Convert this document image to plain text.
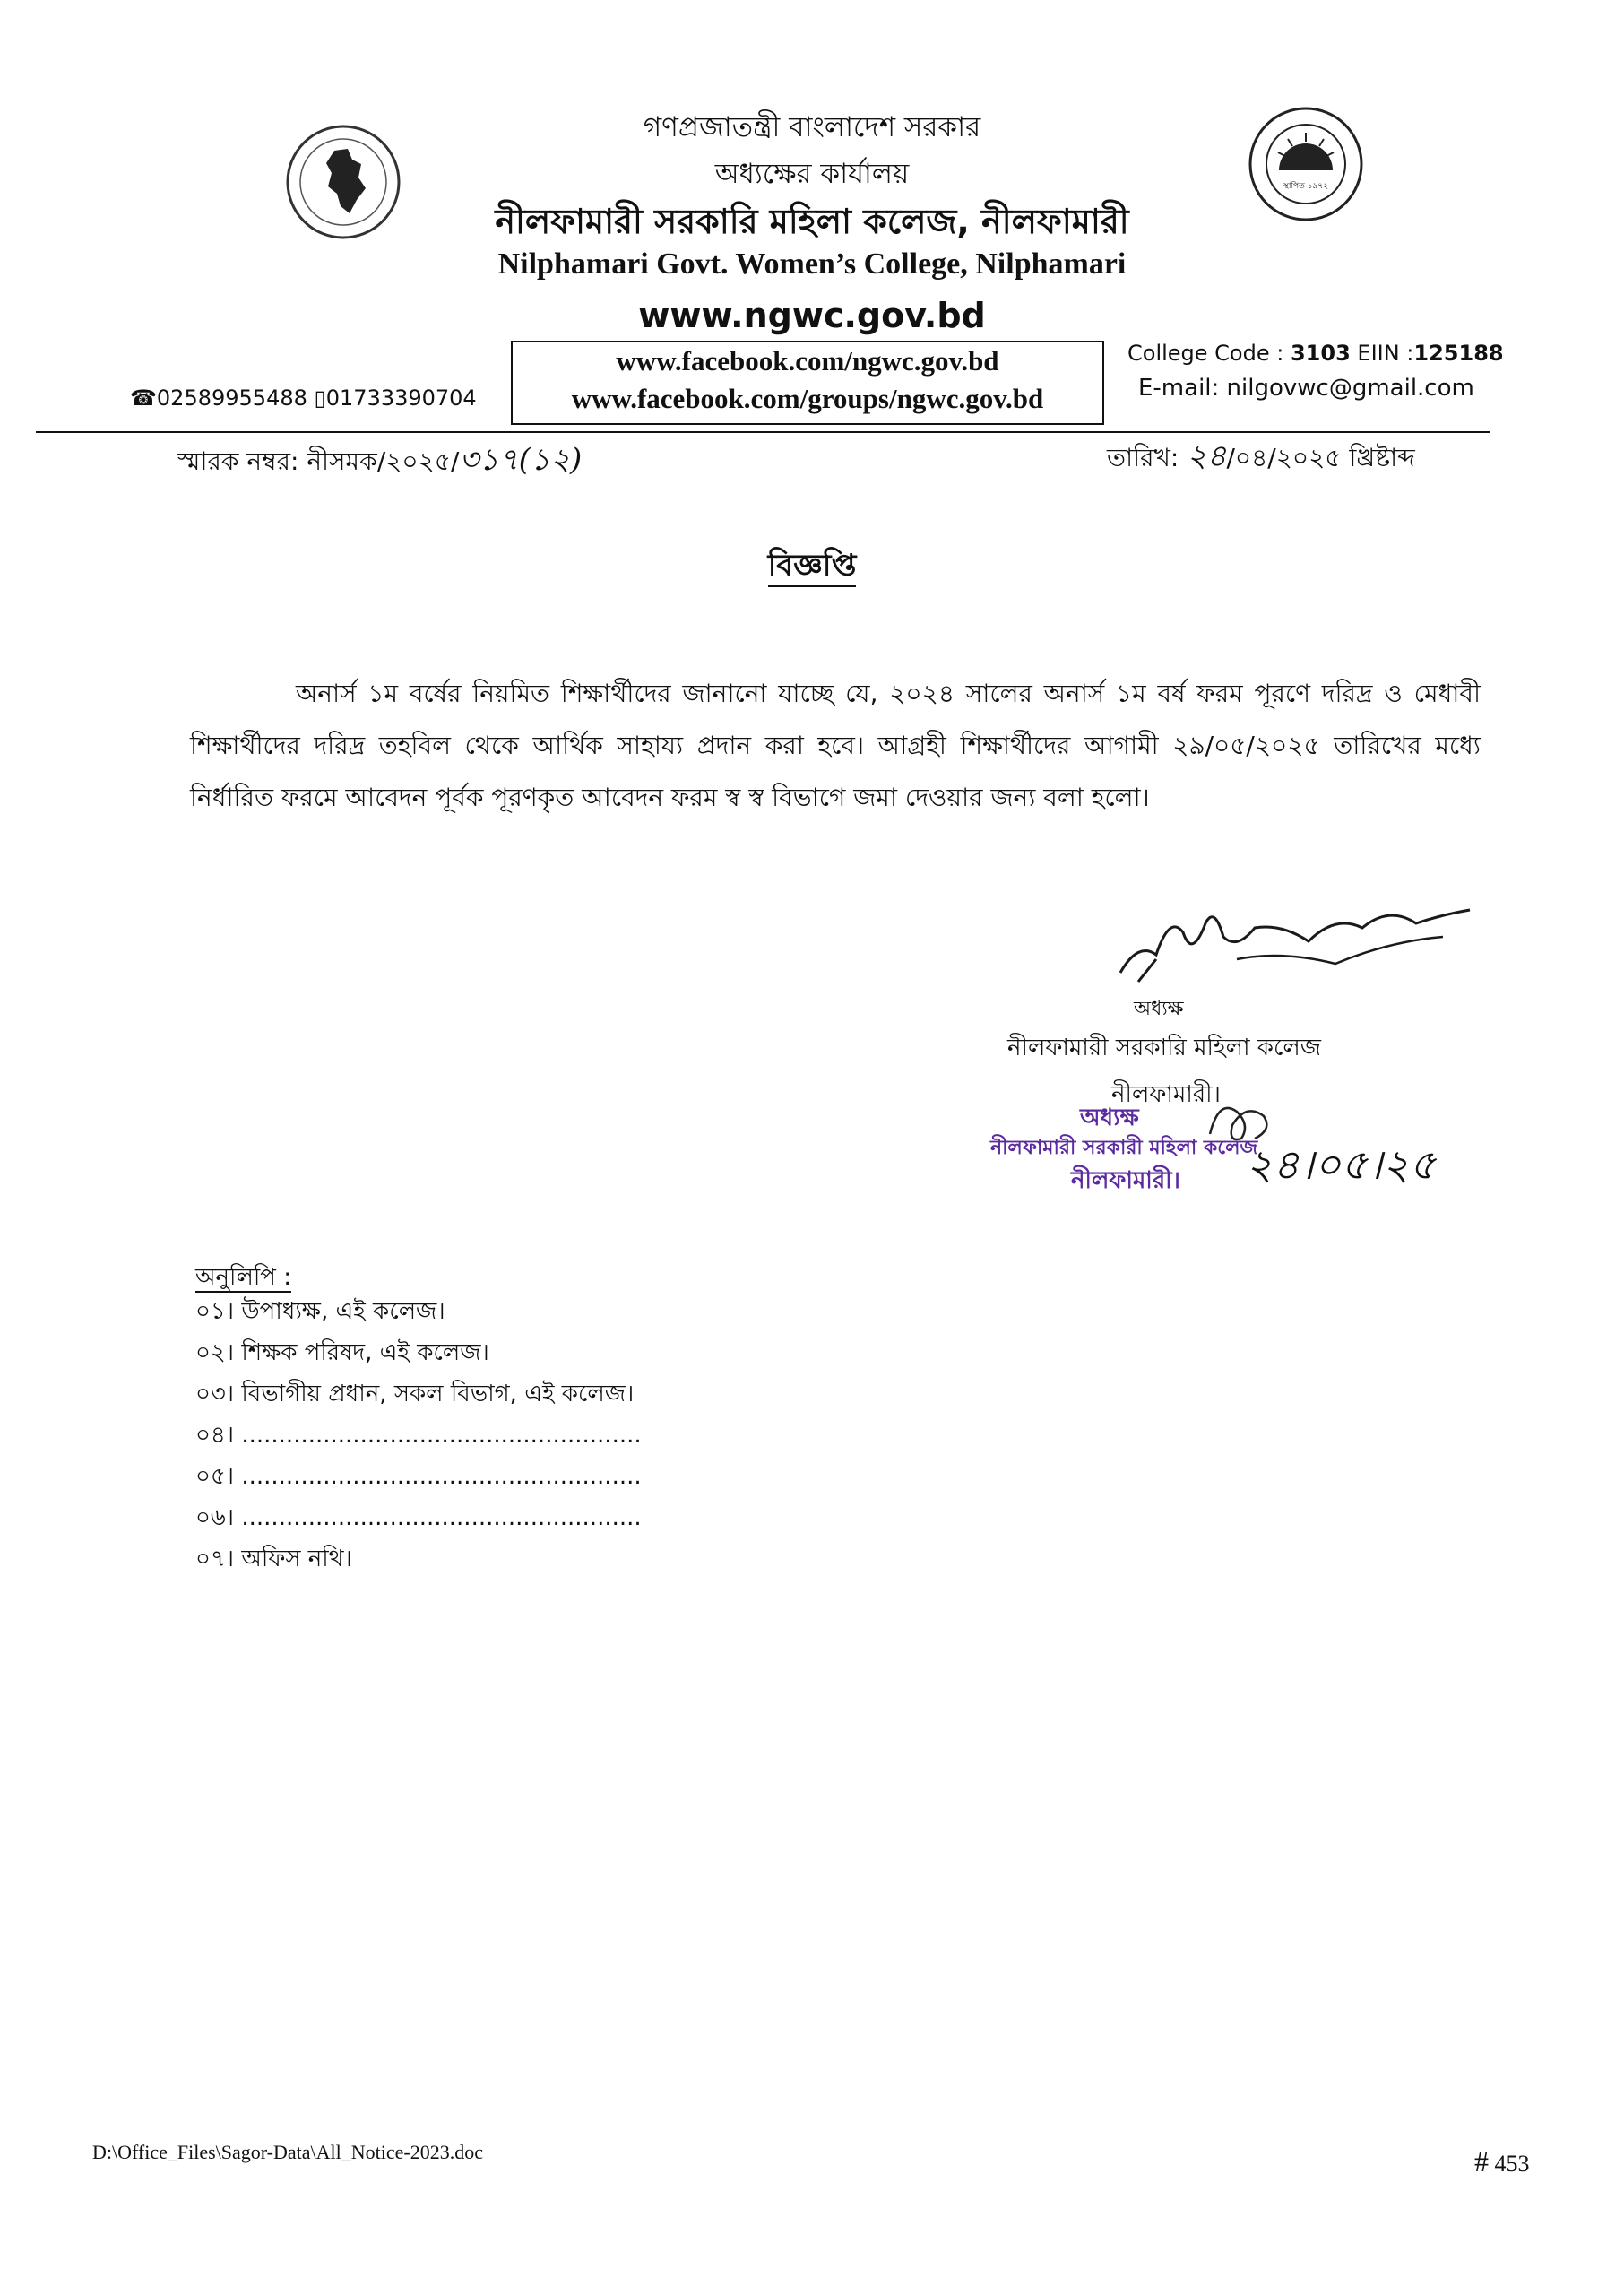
স্থাপিত ১৯৭২
গণপ্রজাতন্ত্রী বাংলাদেশ সরকার
অধ্যক্ষের কার্যালয়
নীলফামারী সরকারি মহিলা কলেজ, নীলফামারী
Nilphamari Govt. Women’s College, Nilphamari
www.ngwc.gov.bd
www.facebook.com/ngwc.gov.bd
www.facebook.com/groups/ngwc.gov.bd
☎02589955488 ▯01733390704
College Code : 3103 EIIN :125188
E-mail: nilgovwc@gmail.com
স্মারক নম্বর: নীসমক/২০২৫/৩১৭(১২)	তারিখ: ২৪/০৪/২০২৫ খ্রিষ্টাব্দ
বিজ্ঞপ্তি
অনার্স ১ম বর্ষের নিয়মিত শিক্ষার্থীদের জানানো যাচ্ছে যে, ২০২৪ সালের অনার্স ১ম বর্ষ ফরম পূরণে দরিদ্র ও মেধাবী শিক্ষার্থীদের দরিদ্র তহবিল থেকে আর্থিক সাহায্য প্রদান করা হবে। আগ্রহী শিক্ষার্থীদের আগামী ২৯/০৫/২০২৫ তারিখের মধ্যে নির্ধারিত ফরমে আবেদন পূর্বক পূরণকৃত আবেদন ফরম স্ব স্ব বিভাগে জমা দেওয়ার জন্য বলা হলো।
অধ্যক্ষ
নীলফামারী সরকারি মহিলা কলেজ
নীলফামারী।
অধ্যক্ষ
নীলফামারী সরকারী মহিলা কলেজ
নীলফামারী। ২৪।০৫।২৫
অনুলিপি :
০১। উপাধ্যক্ষ, এই কলেজ।
০২। শিক্ষক পরিষদ, এই কলেজ।
০৩। বিভাগীয় প্রধান, সকল বিভাগ, এই কলেজ।
০৪। ......................................................
০৫। ......................................................
০৬। ......................................................
০৭। অফিস নথি।
D:\Office_Files\Sagor-Data\All_Notice-2023.doc	# 453
